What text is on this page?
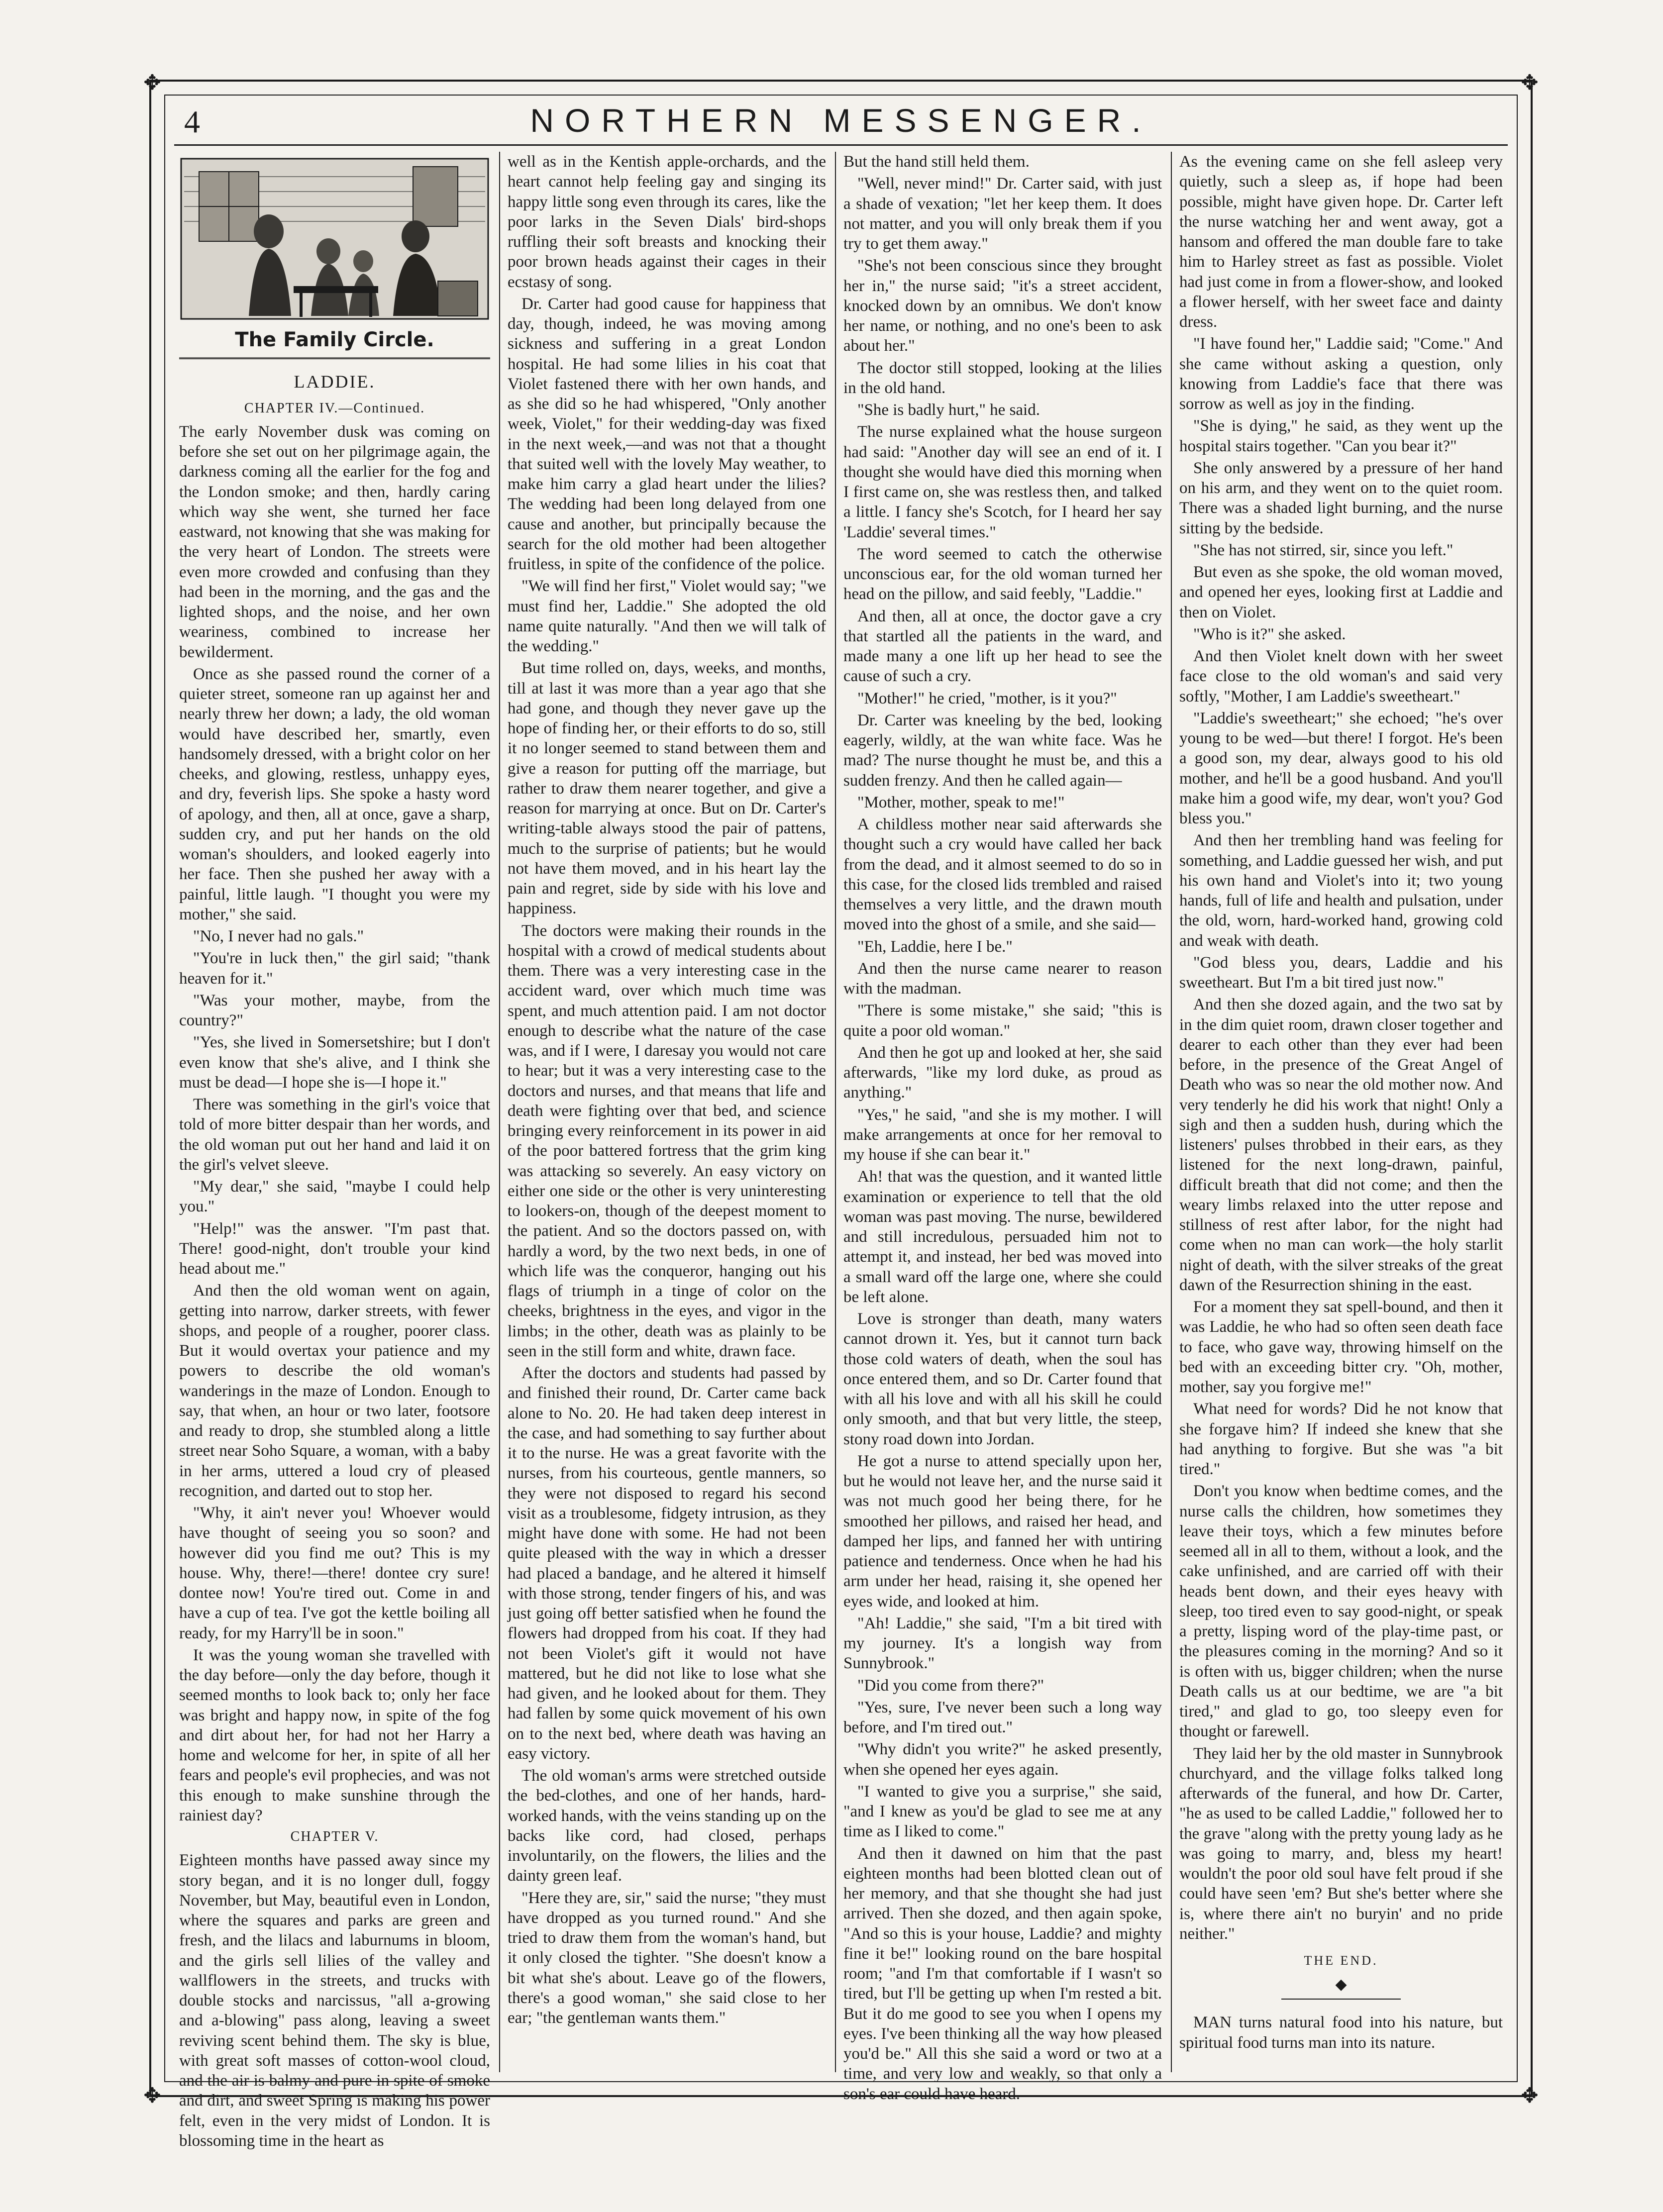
✥	✥
✥	✥
4	NORTHERN MESSENGER.
The Family Circle.
LADDIE.
CHAPTER IV.—Continued.

The early November dusk was coming on before she set out on her pilgrimage again, the darkness coming all the earlier for the fog and the London smoke; and then, hardly caring which way she went, she turned her face eastward, not knowing that she was making for the very heart of London. The streets were even more crowded and confusing than they had been in the morning, and the gas and the lighted shops, and the noise, and her own weariness, combined to increase her bewilderment.

Once as she passed round the corner of a quieter street, someone ran up against her and nearly threw her down; a lady, the old woman would have described her, smartly, even handsomely dressed, with a bright color on her cheeks, and glowing, restless, unhappy eyes, and dry, feverish lips. She spoke a hasty word of apology, and then, all at once, gave a sharp, sudden cry, and put her hands on the old woman's shoulders, and looked eagerly into her face. Then she pushed her away with a painful, little laugh. "I thought you were my mother," she said.

"No, I never had no gals."

"You're in luck then," the girl said; "thank heaven for it."

"Was your mother, maybe, from the country?"

"Yes, she lived in Somersetshire; but I don't even know that she's alive, and I think she must be dead—I hope she is—I hope it."

There was something in the girl's voice that told of more bitter despair than her words, and the old woman put out her hand and laid it on the girl's velvet sleeve.

"My dear," she said, "maybe I could help you."

"Help!" was the answer. "I'm past that. There! good-night, don't trouble your kind head about me."

And then the old woman went on again, getting into narrow, darker streets, with fewer shops, and people of a rougher, poorer class. But it would overtax your patience and my powers to describe the old woman's wanderings in the maze of London. Enough to say, that when, an hour or two later, footsore and ready to drop, she stumbled along a little street near Soho Square, a woman, with a baby in her arms, uttered a loud cry of pleased recognition, and darted out to stop her.

"Why, it ain't never you! Whoever would have thought of seeing you so soon? and however did you find me out? This is my house. Why, there!—there! dontee cry sure! dontee now! You're tired out. Come in and have a cup of tea. I've got the kettle boiling all ready, for my Harry'll be in soon."

It was the young woman she travelled with the day before—only the day before, though it seemed months to look back to; only her face was bright and happy now, in spite of the fog and dirt about her, for had not her Harry a home and welcome for her, in spite of all her fears and people's evil prophecies, and was not this enough to make sunshine through the rainiest day?

CHAPTER V.

Eighteen months have passed away since my story began, and it is no longer dull, foggy November, but May, beautiful even in London, where the squares and parks are green and fresh, and the lilacs and laburnums in bloom, and the girls sell lilies of the valley and wallflowers in the streets, and trucks with double stocks and narcissus, "all a-growing and a-blowing" pass along, leaving a sweet reviving scent behind them. The sky is blue, with great soft masses of cotton-wool cloud, and the air is balmy and pure in spite of smoke and dirt, and sweet Spring is making his power felt, even in the very midst of London. It is blossoming time in the heart as

well as in the Kentish apple-orchards, and the heart cannot help feeling gay and singing its happy little song even through its cares, like the poor larks in the Seven Dials' bird-shops ruffling their soft breasts and knocking their poor brown heads against their cages in their ecstasy of song.

Dr. Carter had good cause for happiness that day, though, indeed, he was moving among sickness and suffering in a great London hospital. He had some lilies in his coat that Violet fastened there with her own hands, and as she did so he had whispered, "Only another week, Violet," for their wedding-day was fixed in the next week,—and was not that a thought that suited well with the lovely May weather, to make him carry a glad heart under the lilies? The wedding had been long delayed from one cause and another, but principally because the search for the old mother had been altogether fruitless, in spite of the confidence of the police.

"We will find her first," Violet would say; "we must find her, Laddie." She adopted the old name quite naturally. "And then we will talk of the wedding."

But time rolled on, days, weeks, and months, till at last it was more than a year ago that she had gone, and though they never gave up the hope of finding her, or their efforts to do so, still it no longer seemed to stand between them and give a reason for putting off the marriage, but rather to draw them nearer together, and give a reason for marrying at once. But on Dr. Carter's writing-table always stood the pair of pattens, much to the surprise of patients; but he would not have them moved, and in his heart lay the pain and regret, side by side with his love and happiness.

The doctors were making their rounds in the hospital with a crowd of medical students about them. There was a very interesting case in the accident ward, over which much time was spent, and much attention paid. I am not doctor enough to describe what the nature of the case was, and if I were, I daresay you would not care to hear; but it was a very interesting case to the doctors and nurses, and that means that life and death were fighting over that bed, and science bringing every reinforcement in its power in aid of the poor battered fortress that the grim king was attacking so severely. An easy victory on either one side or the other is very uninteresting to lookers-on, though of the deepest moment to the patient. And so the doctors passed on, with hardly a word, by the two next beds, in one of which life was the conqueror, hanging out his flags of triumph in a tinge of color on the cheeks, brightness in the eyes, and vigor in the limbs; in the other, death was as plainly to be seen in the still form and white, drawn face.

After the doctors and students had passed by and finished their round, Dr. Carter came back alone to No. 20. He had taken deep interest in the case, and had something to say further about it to the nurse. He was a great favorite with the nurses, from his courteous, gentle manners, so they were not disposed to regard his second visit as a troublesome, fidgety intrusion, as they might have done with some. He had not been quite pleased with the way in which a dresser had placed a bandage, and he altered it himself with those strong, tender fingers of his, and was just going off better satisfied when he found the flowers had dropped from his coat. If they had not been Violet's gift it would not have mattered, but he did not like to lose what she had given, and he looked about for them. They had fallen by some quick movement of his own on to the next bed, where death was having an easy victory.

The old woman's arms were stretched outside the bed-clothes, and one of her hands, hard-worked hands, with the veins standing up on the backs like cord, had closed, perhaps involuntarily, on the flowers, the lilies and the dainty green leaf.

"Here they are, sir," said the nurse; "they must have dropped as you turned round." And she tried to draw them from the woman's hand, but it only closed the tighter. "She doesn't know a bit what she's about. Leave go of the flowers, there's a good woman," she said close to her ear; "the gentleman wants them."

But the hand still held them.

"Well, never mind!" Dr. Carter said, with just a shade of vexation; "let her keep them. It does not matter, and you will only break them if you try to get them away."

"She's not been conscious since they brought her in," the nurse said; "it's a street accident, knocked down by an omnibus. We don't know her name, or nothing, and no one's been to ask about her."

The doctor still stopped, looking at the lilies in the old hand.

"She is badly hurt," he said.

The nurse explained what the house surgeon had said: "Another day will see an end of it. I thought she would have died this morning when I first came on, she was restless then, and talked a little. I fancy she's Scotch, for I heard her say 'Laddie' several times."

The word seemed to catch the otherwise unconscious ear, for the old woman turned her head on the pillow, and said feebly, "Laddie."

And then, all at once, the doctor gave a cry that startled all the patients in the ward, and made many a one lift up her head to see the cause of such a cry.

"Mother!" he cried, "mother, is it you?"

Dr. Carter was kneeling by the bed, looking eagerly, wildly, at the wan white face. Was he mad? The nurse thought he must be, and this a sudden frenzy. And then he called again—

"Mother, mother, speak to me!"

A childless mother near said afterwards she thought such a cry would have called her back from the dead, and it almost seemed to do so in this case, for the closed lids trembled and raised themselves a very little, and the drawn mouth moved into the ghost of a smile, and she said—

"Eh, Laddie, here I be."

And then the nurse came nearer to reason with the madman.

"There is some mistake," she said; "this is quite a poor old woman."

And then he got up and looked at her, she said afterwards, "like my lord duke, as proud as anything."

"Yes," he said, "and she is my mother. I will make arrangements at once for her removal to my house if she can bear it."

Ah! that was the question, and it wanted little examination or experience to tell that the old woman was past moving. The nurse, bewildered and still incredulous, persuaded him not to attempt it, and instead, her bed was moved into a small ward off the large one, where she could be left alone.

Love is stronger than death, many waters cannot drown it. Yes, but it cannot turn back those cold waters of death, when the soul has once entered them, and so Dr. Carter found that with all his love and with all his skill he could only smooth, and that but very little, the steep, stony road down into Jordan.

He got a nurse to attend specially upon her, but he would not leave her, and the nurse said it was not much good her being there, for he smoothed her pillows, and raised her head, and damped her lips, and fanned her with untiring patience and tenderness. Once when he had his arm under her head, raising it, she opened her eyes wide, and looked at him.

"Ah! Laddie," she said, "I'm a bit tired with my journey. It's a longish way from Sunnybrook."

"Did you come from there?"

"Yes, sure, I've never been such a long way before, and I'm tired out."

"Why didn't you write?" he asked presently, when she opened her eyes again.

"I wanted to give you a surprise," she said, "and I knew as you'd be glad to see me at any time as I liked to come."

And then it dawned on him that the past eighteen months had been blotted clean out of her memory, and that she thought she had just arrived. Then she dozed, and then again spoke, "And so this is your house, Laddie? and mighty fine it be!" looking round on the bare hospital room; "and I'm that comfortable if I wasn't so tired, but I'll be getting up when I'm rested a bit. But it do me good to see you when I opens my eyes. I've been thinking all the way how pleased you'd be." All this she said a word or two at a time, and very low and weakly, so that only a son's ear could have heard.

As the evening came on she fell asleep very quietly, such a sleep as, if hope had been possible, might have given hope. Dr. Carter left the nurse watching her and went away, got a hansom and offered the man double fare to take him to Harley street as fast as possible. Violet had just come in from a flower-show, and looked a flower herself, with her sweet face and dainty dress.

"I have found her," Laddie said; "Come." And she came without asking a question, only knowing from Laddie's face that there was sorrow as well as joy in the finding.

"She is dying," he said, as they went up the hospital stairs together. "Can you bear it?"

She only answered by a pressure of her hand on his arm, and they went on to the quiet room. There was a shaded light burning, and the nurse sitting by the bedside.

"She has not stirred, sir, since you left."

But even as she spoke, the old woman moved, and opened her eyes, looking first at Laddie and then on Violet.

"Who is it?" she asked.

And then Violet knelt down with her sweet face close to the old woman's and said very softly, "Mother, I am Laddie's sweetheart."

"Laddie's sweetheart;" she echoed; "he's over young to be wed—but there! I forgot. He's been a good son, my dear, always good to his old mother, and he'll be a good husband. And you'll make him a good wife, my dear, won't you? God bless you."

And then her trembling hand was feeling for something, and Laddie guessed her wish, and put his own hand and Violet's into it; two young hands, full of life and health and pulsation, under the old, worn, hard-worked hand, growing cold and weak with death.

"God bless you, dears, Laddie and his sweetheart. But I'm a bit tired just now."

And then she dozed again, and the two sat by in the dim quiet room, drawn closer together and dearer to each other than they ever had been before, in the presence of the Great Angel of Death who was so near the old mother now. And very tenderly he did his work that night! Only a sigh and then a sudden hush, during which the listeners' pulses throbbed in their ears, as they listened for the next long-drawn, painful, difficult breath that did not come; and then the weary limbs relaxed into the utter repose and stillness of rest after labor, for the night had come when no man can work—the holy starlit night of death, with the silver streaks of the great dawn of the Resurrection shining in the east.

For a moment they sat spell-bound, and then it was Laddie, he who had so often seen death face to face, who gave way, throwing himself on the bed with an exceeding bitter cry. "Oh, mother, mother, say you forgive me!"

What need for words? Did he not know that she forgave him? If indeed she knew that she had anything to forgive. But she was "a bit tired."

Don't you know when bedtime comes, and the nurse calls the children, how sometimes they leave their toys, which a few minutes before seemed all in all to them, without a look, and the cake unfinished, and are carried off with their heads bent down, and their eyes heavy with sleep, too tired even to say good-night, or speak a pretty, lisping word of the play-time past, or the pleasures coming in the morning? And so it is often with us, bigger children; when the nurse Death calls us at our bedtime, we are "a bit tired," and glad to go, too sleepy even for thought or farewell.

They laid her by the old master in Sunnybrook churchyard, and the village folks talked long afterwards of the funeral, and how Dr. Carter, "he as used to be called Laddie," followed her to the grave "along with the pretty young lady as he was going to marry, and, bless my heart! wouldn't the poor old soul have felt proud if she could have seen 'em? But she's better where she is, where there ain't no buryin' and no pride neither."

THE END.
◆

MAN turns natural food into his nature, but spiritual food turns man into its nature.
